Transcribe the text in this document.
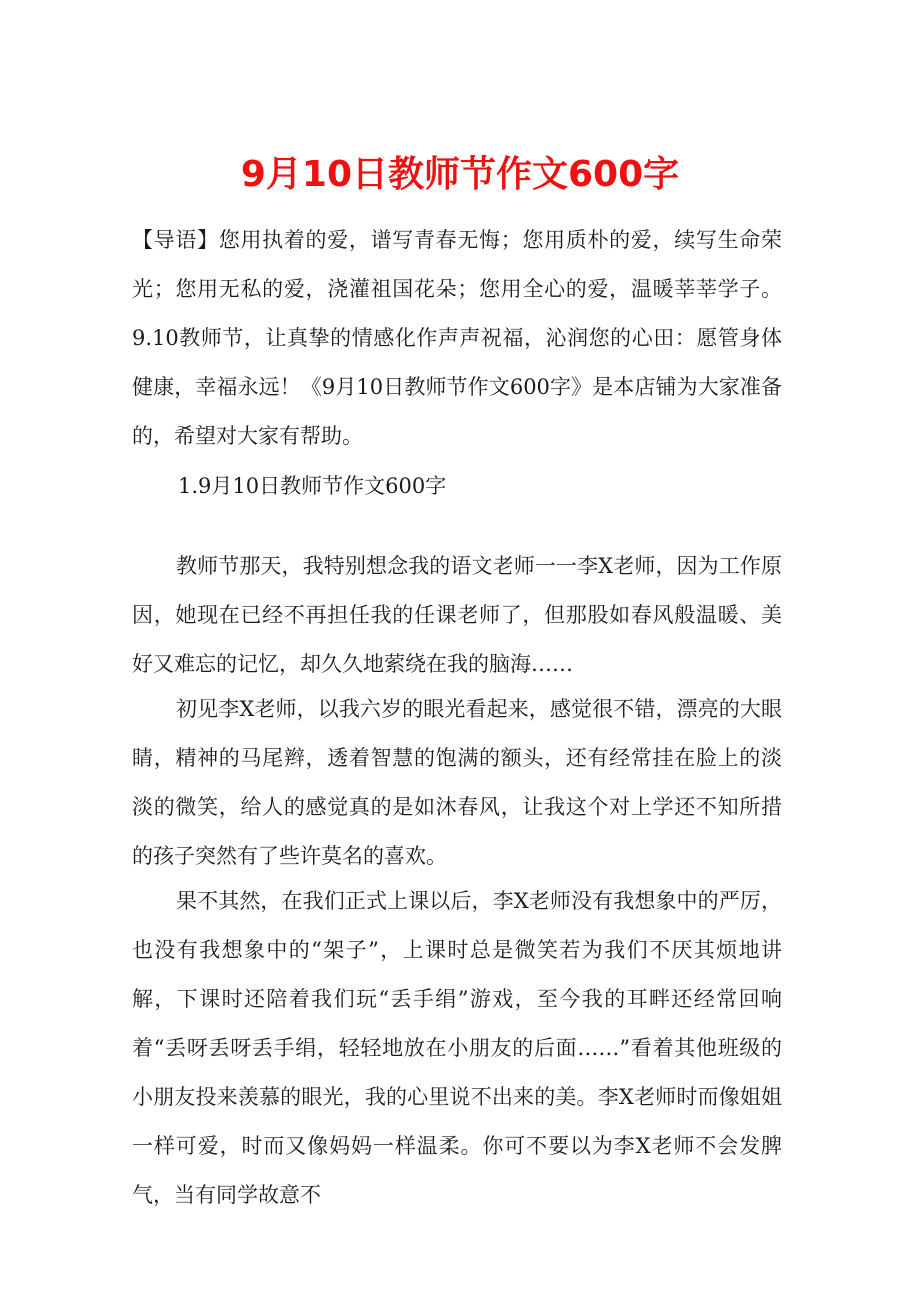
9月10日教师节作文600字

【导语】您用执着的爱，谱写青春无悔；您用质朴的爱，续写生命荣光；您用无私的爱，浇灌祖国花朵；您用全心的爱，温暖莘莘学子。9.10教师节，让真挚的情感化作声声祝福，沁润您的心田：愿管身体健康，幸福永远！《9月10日教师节作文600字》是本店铺为大家准备的，希望对大家有帮助。

1.9月10日教师节作文600字

教师节那天，我特别想念我的语文老师一一李X老师，因为工作原因，她现在已经不再担任我的任课老师了，但那股如春风般温暖、美好又难忘的记忆，却久久地萦绕在我的脑海……

初见李X老师，以我六岁的眼光看起来，感觉很不错，漂亮的大眼睛，精神的马尾辫，透着智慧的饱满的额头，还有经常挂在脸上的淡淡的微笑，给人的感觉真的是如沐春风，让我这个对上学还不知所措的孩子突然有了些许莫名的喜欢。

果不其然，在我们正式上课以后，李X老师没有我想象中的严厉，也没有我想象中的“架子”，上课时总是微笑若为我们不厌其烦地讲解，下课时还陪着我们玩“丢手绢”游戏，至今我的耳畔还经常回响着“丢呀丢呀丢手绢，轻轻地放在小朋友的后面……”看着其他班级的小朋友投来羡慕的眼光，我的心里说不出来的美。李X老师时而像姐姐一样可爱，时而又像妈妈一样温柔。你可不要以为李X老师不会发脾气，当有同学故意不
